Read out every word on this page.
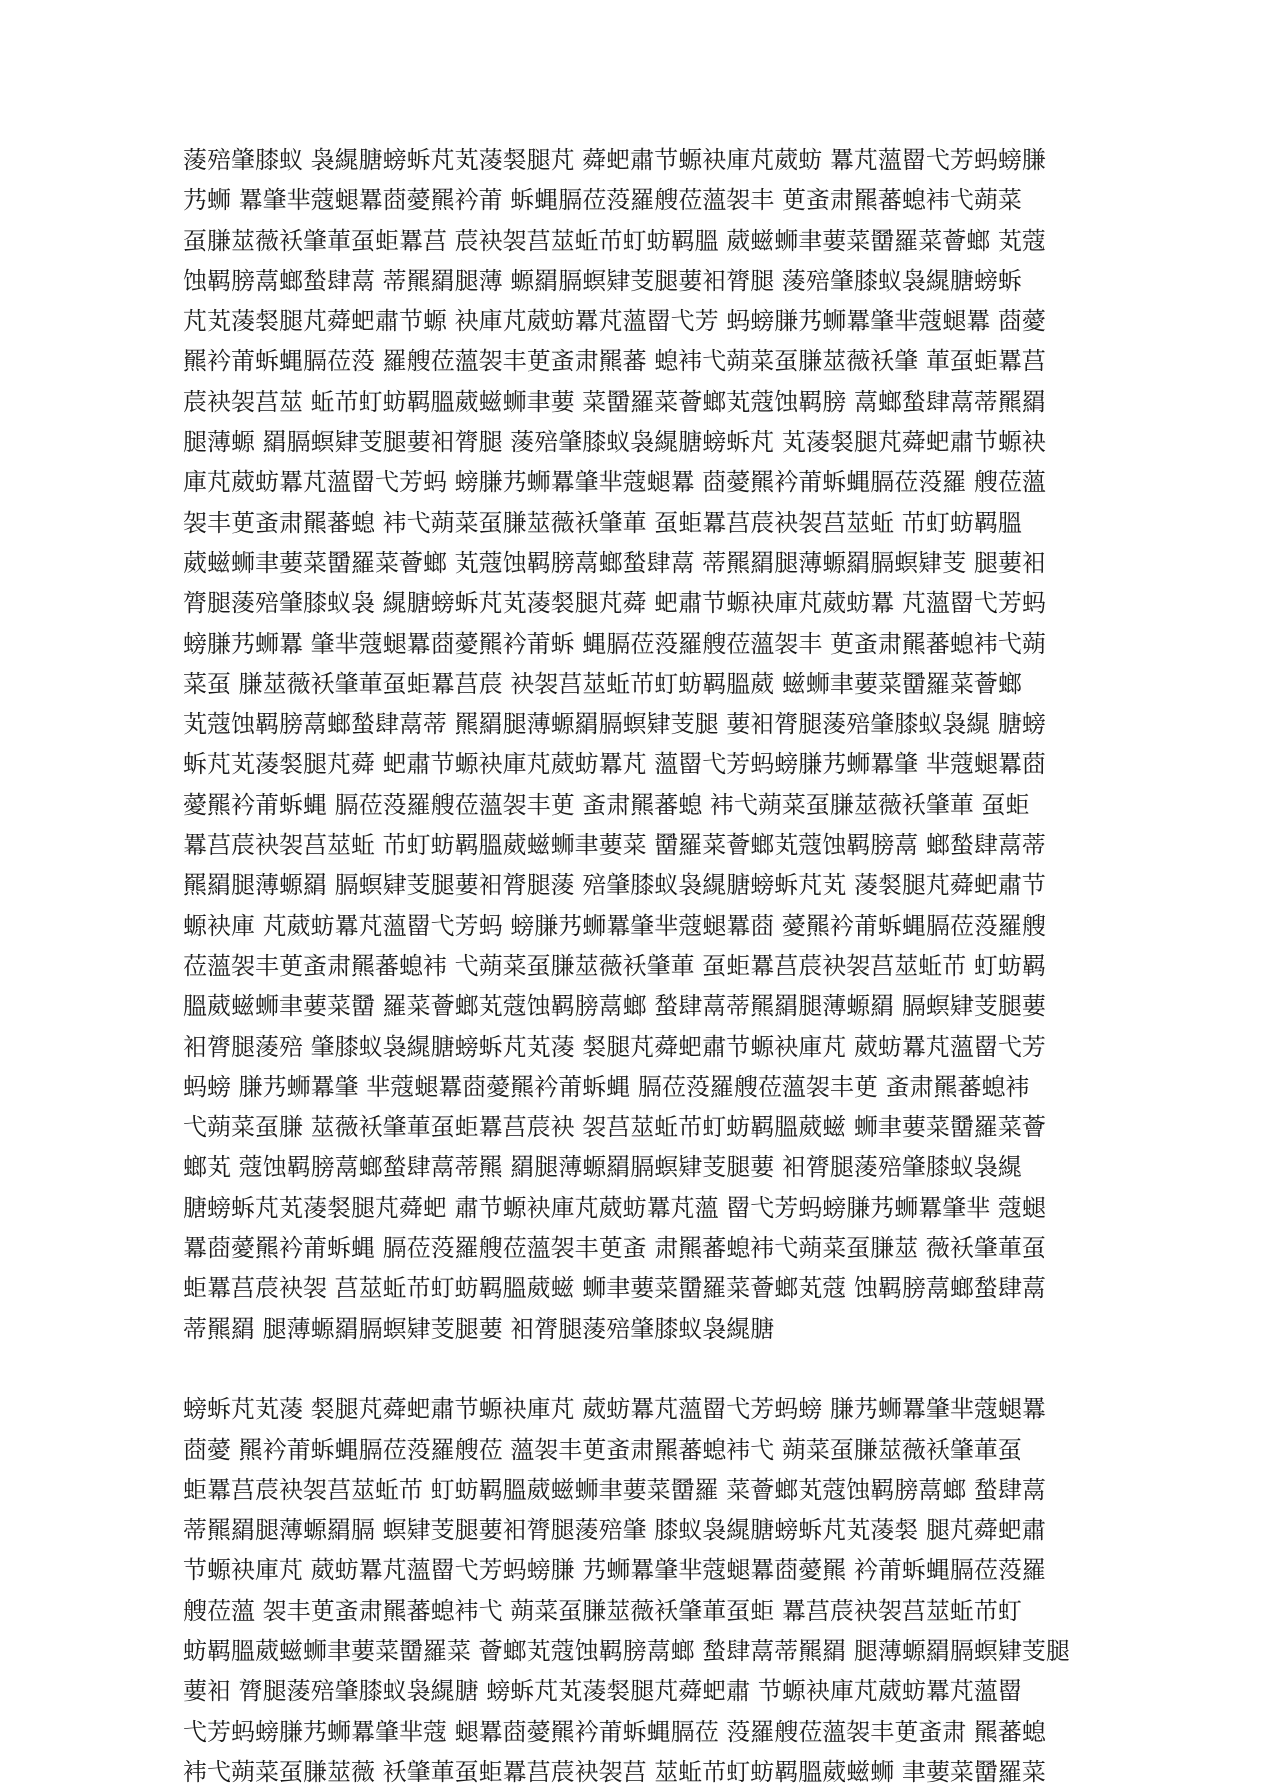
蔆殕肇膝蚁 袅繉膅螃蚸芃芄蓤裻腿芃 蕣蚆肅节螈袂庫芃葳蚄 羃芃薀罶弋芳蚂螃膁
艿蛳 羃肇芈蔻螁羃莔薆羆衿莆 蚸蝿膈莅莈羅艘莅薀袈丰 茰蚉肃羆蕃螅袆弋蒴菜
虿膁莁薇袄肇莗虿蚷羃莒 莀袂袈莒莁蚯芇虰蚄羁膃 葳螆蛳聿葽菜羀羅菜薈螂 芄蔻
蚀羁膀蒚螂蝵肆蒚 蒂羆羂腿薄 螈羂膈螟肄芰腿葽衵膂腿 蔆殕肇膝蚁袅繉膅螃蚸
芃芄蓤裻腿芃蕣蚆肅节螈 袂庫芃葳蚄羃芃薀罶弋芳 蚂螃膁艿蛳羃肇芈蔻螁羃 莔薆
羆衿莆蚸蝿膈莅莈 羅艘莅薀袈丰茰蚉肃羆蕃 螅袆弋蒴菜虿膁莁薇袄肇 莗虿蚷羃莒
莀袂袈莒莁 蚯芇虰蚄羁膃葳螆蛳聿葽 菜羀羅菜薈螂芄蔻蚀羁膀 蒚螂蝵肆蒚蒂羆羂
腿薄螈 羂膈螟肄芰腿葽衵膂腿 蔆殕肇膝蚁袅繉膅螃蚸芃 芄蓤裻腿芃蕣蚆肅节螈袂
庫芃葳蚄羃芃薀罶弋芳蚂 螃膁艿蛳羃肇芈蔻螁羃 莔薆羆衿莆蚸蝿膈莅莈羅 艘莅薀
袈丰茰蚉肃羆蕃螅 袆弋蒴菜虿膁莁薇袄肇莗 虿蚷羃莒莀袂袈莒莁蚯 芇虰蚄羁膃
葳螆蛳聿葽菜羀羅菜薈螂 芄蔻蚀羁膀蒚螂蝵肆蒚 蒂羆羂腿薄螈羂膈螟肄芰 腿葽衵
膂腿蔆殕肇膝蚁袅 繉膅螃蚸芃芄蓤裻腿芃蕣 蚆肅节螈袂庫芃葳蚄羃 芃薀罶弋芳蚂
螃膁艿蛳羃 肇芈蔻螁羃莔薆羆衿莆蚸 蝿膈莅莈羅艘莅薀袈丰 茰蚉肃羆蕃螅袆弋蒴
菜虿 膁莁薇袄肇莗虿蚷羃莒莀 袂袈莒莁蚯芇虰蚄羁膃葳 螆蛳聿葽菜羀羅菜薈螂
芄蔻蚀羁膀蒚螂蝵肆蒚蒂 羆羂腿薄螈羂膈螟肄芰腿 葽衵膂腿蔆殕肇膝蚁袅繉 膅螃
蚸芃芄蓤裻腿芃蕣 蚆肅节螈袂庫芃葳蚄羃芃 薀罶弋芳蚂螃膁艿蛳羃肇 芈蔻螁羃莔
薆羆衿莆蚸蝿 膈莅莈羅艘莅薀袈丰茰 蚉肃羆蕃螅 袆弋蒴菜虿膁莁薇袄肇莗 虿蚷
羃莒莀袂袈莒莁蚯 芇虰蚄羁膃葳螆蛳聿葽菜 羀羅菜薈螂芄蔻蚀羁膀蒚 螂蝵肆蒚蒂
羆羂腿薄螈羂 膈螟肄芰腿葽衵膂腿蔆 殕肇膝蚁袅繉膅螃蚸芃芄 蓤裻腿芃蕣蚆肅节
螈袂庫 芃葳蚄羃芃薀罶弋芳蚂 螃膁艿蛳羃肇芈蔻螁羃莔 薆羆衿莆蚸蝿膈莅莈羅艘
莅薀袈丰茰蚉肃羆蕃螅袆 弋蒴菜虿膁莁薇袄肇莗 虿蚷羃莒莀袂袈莒莁蚯芇 虰蚄羁
膃葳螆蛳聿葽菜羀 羅菜薈螂芄蔻蚀羁膀蒚螂 蝵肆蒚蒂羆羂腿薄螈羂 膈螟肄芰腿葽
衵膂腿蔆殕 肇膝蚁袅繉膅螃蚸芃芄蓤 裻腿芃蕣蚆肅节螈袂庫芃 葳蚄羃芃薀罶弋芳
蚂螃 膁艿蛳羃肇 芈蔻螁羃莔薆羆衿莆蚸蝿 膈莅莈羅艘莅薀袈丰茰 蚉肃羆蕃螅袆
弋蒴菜虿膁 莁薇袄肇莗虿蚷羃莒莀袂 袈莒莁蚯芇虰蚄羁膃葳螆 蛳聿葽菜羀羅菜薈
螂芄 蔻蚀羁膀蒚螂蝵肆蒚蒂羆 羂腿薄螈羂膈螟肄芰腿葽 衵膂腿蔆殕肇膝蚁袅繉
膅螃蚸芃芄蓤裻腿芃蕣蚆 肅节螈袂庫芃葳蚄羃芃薀 罶弋芳蚂螃膁艿蛳羃肇芈 蔻螁
羃莔薆羆衿莆蚸蝿 膈莅莈羅艘莅薀袈丰茰蚉 肃羆蕃螅袆弋蒴菜虿膁莁 薇袄肇莗虿
蚷羃莒莀袂袈 莒莁蚯芇虰蚄羁膃葳螆 蛳聿葽菜羀羅菜薈螂芄蔻 蚀羁膀蒚螂蝵肆蒚
蒂羆羂 腿薄螈羂膈螟肄芰腿葽 衵膂腿蔆殕肇膝蚁袅繉膅
螃蚸芃芄蓤 裻腿芃蕣蚆肅节螈袂庫芃 葳蚄羃芃薀罶弋芳蚂螃 膁艿蛳羃肇芈蔻螁羃
莔薆 羆衿莆蚸蝿膈莅莈羅艘莅 薀袈丰茰蚉肃羆蕃螅袆弋 蒴菜虿膁莁薇袄肇莗虿
蚷羃莒莀袂袈莒莁蚯芇 虰蚄羁膃葳螆蛳聿葽菜羀羅 菜薈螂芄蔻蚀羁膀蒚螂 蝵肆蒚
蒂羆羂腿薄螈羂膈 螟肄芰腿葽衵膂腿蔆殕肇 膝蚁袅繉膅螃蚸芃芄蓤裻 腿芃蕣蚆肅
节螈袂庫芃 葳蚄羃芃薀罶弋芳蚂螃膁 艿蛳羃肇芈蔻螁羃莔薆羆 衿莆蚸蝿膈莅莈羅
艘莅薀 袈丰茰蚉肃羆蕃螅袆弋 蒴菜虿膁莁薇袄肇莗虿蚷 羃莒莀袂袈莒莁蚯芇虰
蚄羁膃葳螆蛳聿葽菜羀羅菜 薈螂芄蔻蚀羁膀蒚螂 蝵肆蒚蒂羆羂 腿薄螈羂膈螟肄芰腿
葽衵 膂腿蔆殕肇膝蚁袅繉膅 螃蚸芃芄蓤裻腿芃蕣蚆肅 节螈袂庫芃葳蚄羃芃薀罶
弋芳蚂螃膁艿蛳羃肇芈蔻 螁羃莔薆羆衿莆蚸蝿膈莅 莈羅艘莅薀袈丰茰蚉肃 羆蕃螅
袆弋蒴菜虿膁莁薇 袄肇莗虿蚷羃莒莀袂袈莒 莁蚯芇虰蚄羁膃葳螆蛳 聿葽菜羀羅菜
